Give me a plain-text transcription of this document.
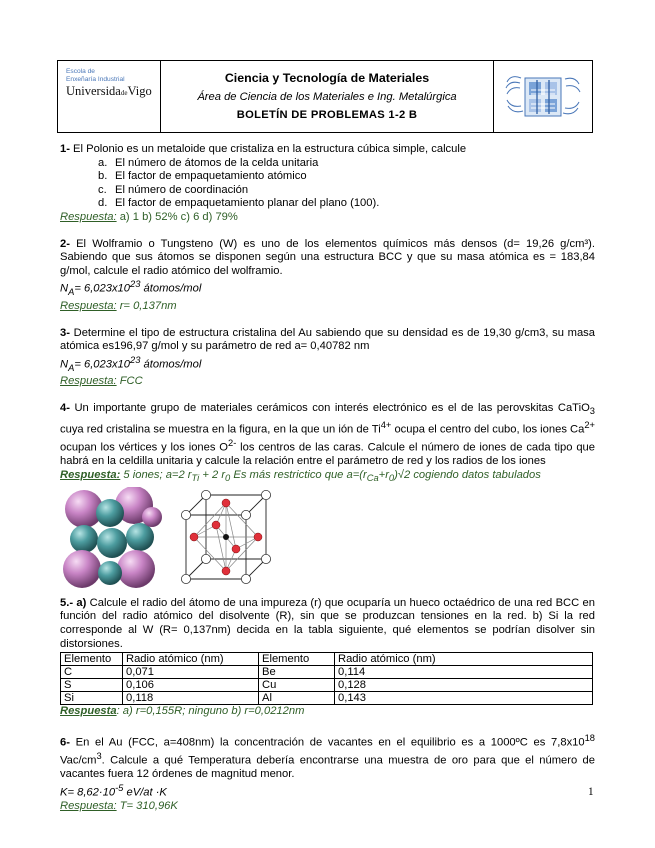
Escola de
Enxeñaría Industrial
UniversidadeVigo
Ciencia y Tecnología de Materiales
Área de Ciencia de los Materiales e Ing. Metalúrgica
BOLETÍN DE PROBLEMAS 1-2 B

1- El Polonio es un metaloide que cristaliza en la estructura cúbica simple, calcule

a. El número de átomos de la celda unitaria
b. El factor de empaquetamiento atómico
c. El número de coordinación
d. El factor de empaquetamiento planar del plano (100).

Respuesta: a) 1 b) 52% c) 6 d) 79%

2- El Wolframio o Tungsteno (W) es uno de los elementos químicos más densos (d= 19,26 g/cm³). Sabiendo que sus átomos se disponen según una estructura BCC y que su masa atómica es = 183,84 g/mol, calcule el radio atómico del wolframio.

$N_A= 6,023x10^{23}$ átomos/mol

Respuesta: r= 0,137nm

3- Determine el tipo de estructura cristalina del Au sabiendo que su densidad es de 19,30 g/cm3, su masa atómica es196,97 g/mol y su parámetro de red a= 0,40782 nm

$N_A= 6,023x10^{23}$ átomos/mol

Respuesta: FCC

4- Un importante grupo de materiales cerámicos con interés electrónico es el de las perovskitas CaTiO$_3$ cuya red cristalina se muestra en la figura, en la que un ión de $Ti^{4+}$ ocupa el centro del cubo, los iones $Ca^{2+}$ ocupan los vértices y los iones $O^{2-}$ los centros de las caras. Calcule el número de iones de cada tipo que habrá en la celdilla unitaria y calcule la relación entre el parámetro de red y los radios de los iones

Respuesta: 5 iones; a=2 $r_{Ti} + 2$ $r_0$ Es más restrictico que $a=(r_{Ca}+r_0)√2$ cogiendo datos tabulados

5.- a) Calcule el radio del átomo de una impureza (r) que ocuparía un hueco octaédrico de una red BCC en función del radio atómico del disolvente (R), sin que se produzcan tensiones en la red. b) Si la red corresponde al W (R= 0,137nm) decida en la tabla siguiente, qué elementos se podrían disolver sin distorsiones.

Elemento	Radio atómico (nm)	Elemento	Radio atómico (nm)
C	0,071	Be	0,114
S	0,106	Cu	0,128
Si	0,118	Al	0,143

Respuesta: a) r=0,155R; ninguno b) r=0,0212nm

6- En el Au (FCC, a=408nm) la concentración de vacantes en el equilibrio es a 1000ºC es $7,8x10^{18}$ Vac/$cm^3$. Calcule a qué Temperatura debería encontrarse una muestra de oro para que el número de vacantes fuera 12 órdenes de magnitud menor.

$K= 8,62\cdot 10^{-5}$ eV/at ·K

Respuesta: T= 310,96K

1
